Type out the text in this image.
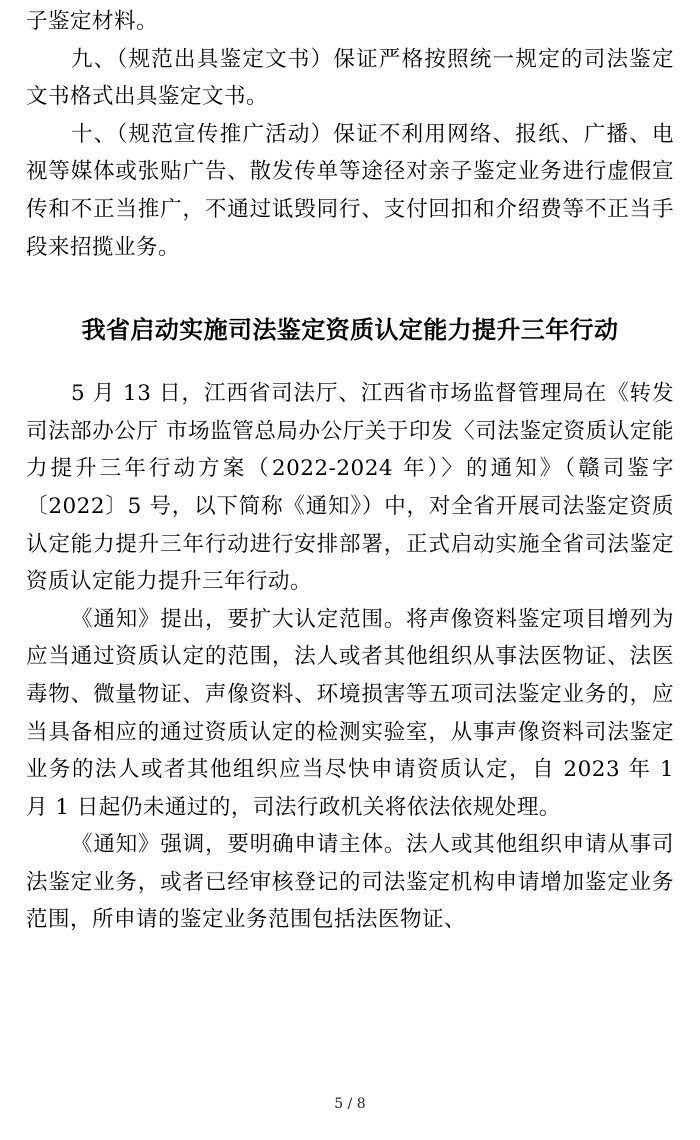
子鉴定材料。

九、（规范出具鉴定文书）保证严格按照统一规定的司法鉴定文书格式出具鉴定文书。

十、（规范宣传推广活动）保证不利用网络、报纸、广播、电视等媒体或张贴广告、散发传单等途径对亲子鉴定业务进行虚假宣传和不正当推广，不通过诋毁同行、支付回扣和介绍费等不正当手段来招揽业务。

我省启动实施司法鉴定资质认定能力提升三年行动

5 月 13 日，江西省司法厅、江西省市场监督管理局在《转发司法部办公厅 市场监管总局办公厅关于印发〈司法鉴定资质认定能力提升三年行动方案（2022-2024 年）〉的通知》（赣司鉴字〔2022〕5 号，以下简称《通知》）中，对全省开展司法鉴定资质认定能力提升三年行动进行安排部署，正式启动实施全省司法鉴定资质认定能力提升三年行动。

《通知》提出，要扩大认定范围。将声像资料鉴定项目增列为应当通过资质认定的范围，法人或者其他组织从事法医物证、法医毒物、微量物证、声像资料、环境损害等五项司法鉴定业务的，应当具备相应的通过资质认定的检测实验室，从事声像资料司法鉴定业务的法人或者其他组织应当尽快申请资质认定，自 2023 年 1 月 1 日起仍未通过的，司法行政机关将依法依规处理。

《通知》强调，要明确申请主体。法人或其他组织申请从事司法鉴定业务，或者已经审核登记的司法鉴定机构申请增加鉴定业务范围，所申请的鉴定业务范围包括法医物证、

5 / 8
